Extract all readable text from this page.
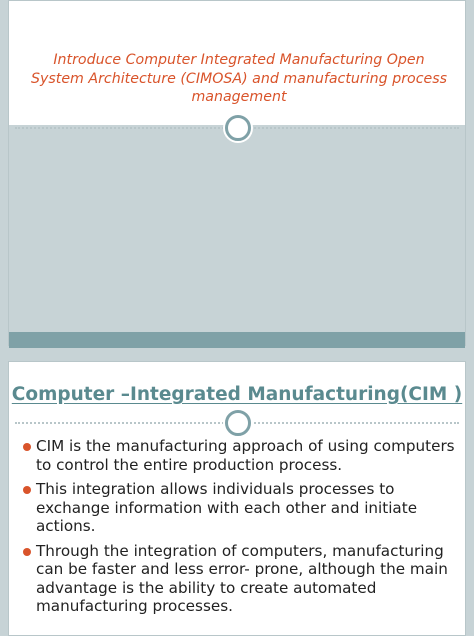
Introduce Computer Integrated Manufacturing Open System Architecture (CIMOSA) and manufacturing process management

Computer –Integrated Manufacturing(CIM )
CIM is the manufacturing approach of using computers to control the entire production process.
This integration allows individuals processes to exchange information with each other and initiate actions.
Through the integration of computers, manufacturing can be faster and less error- prone, although the main advantage is the ability to create automated manufacturing processes.
